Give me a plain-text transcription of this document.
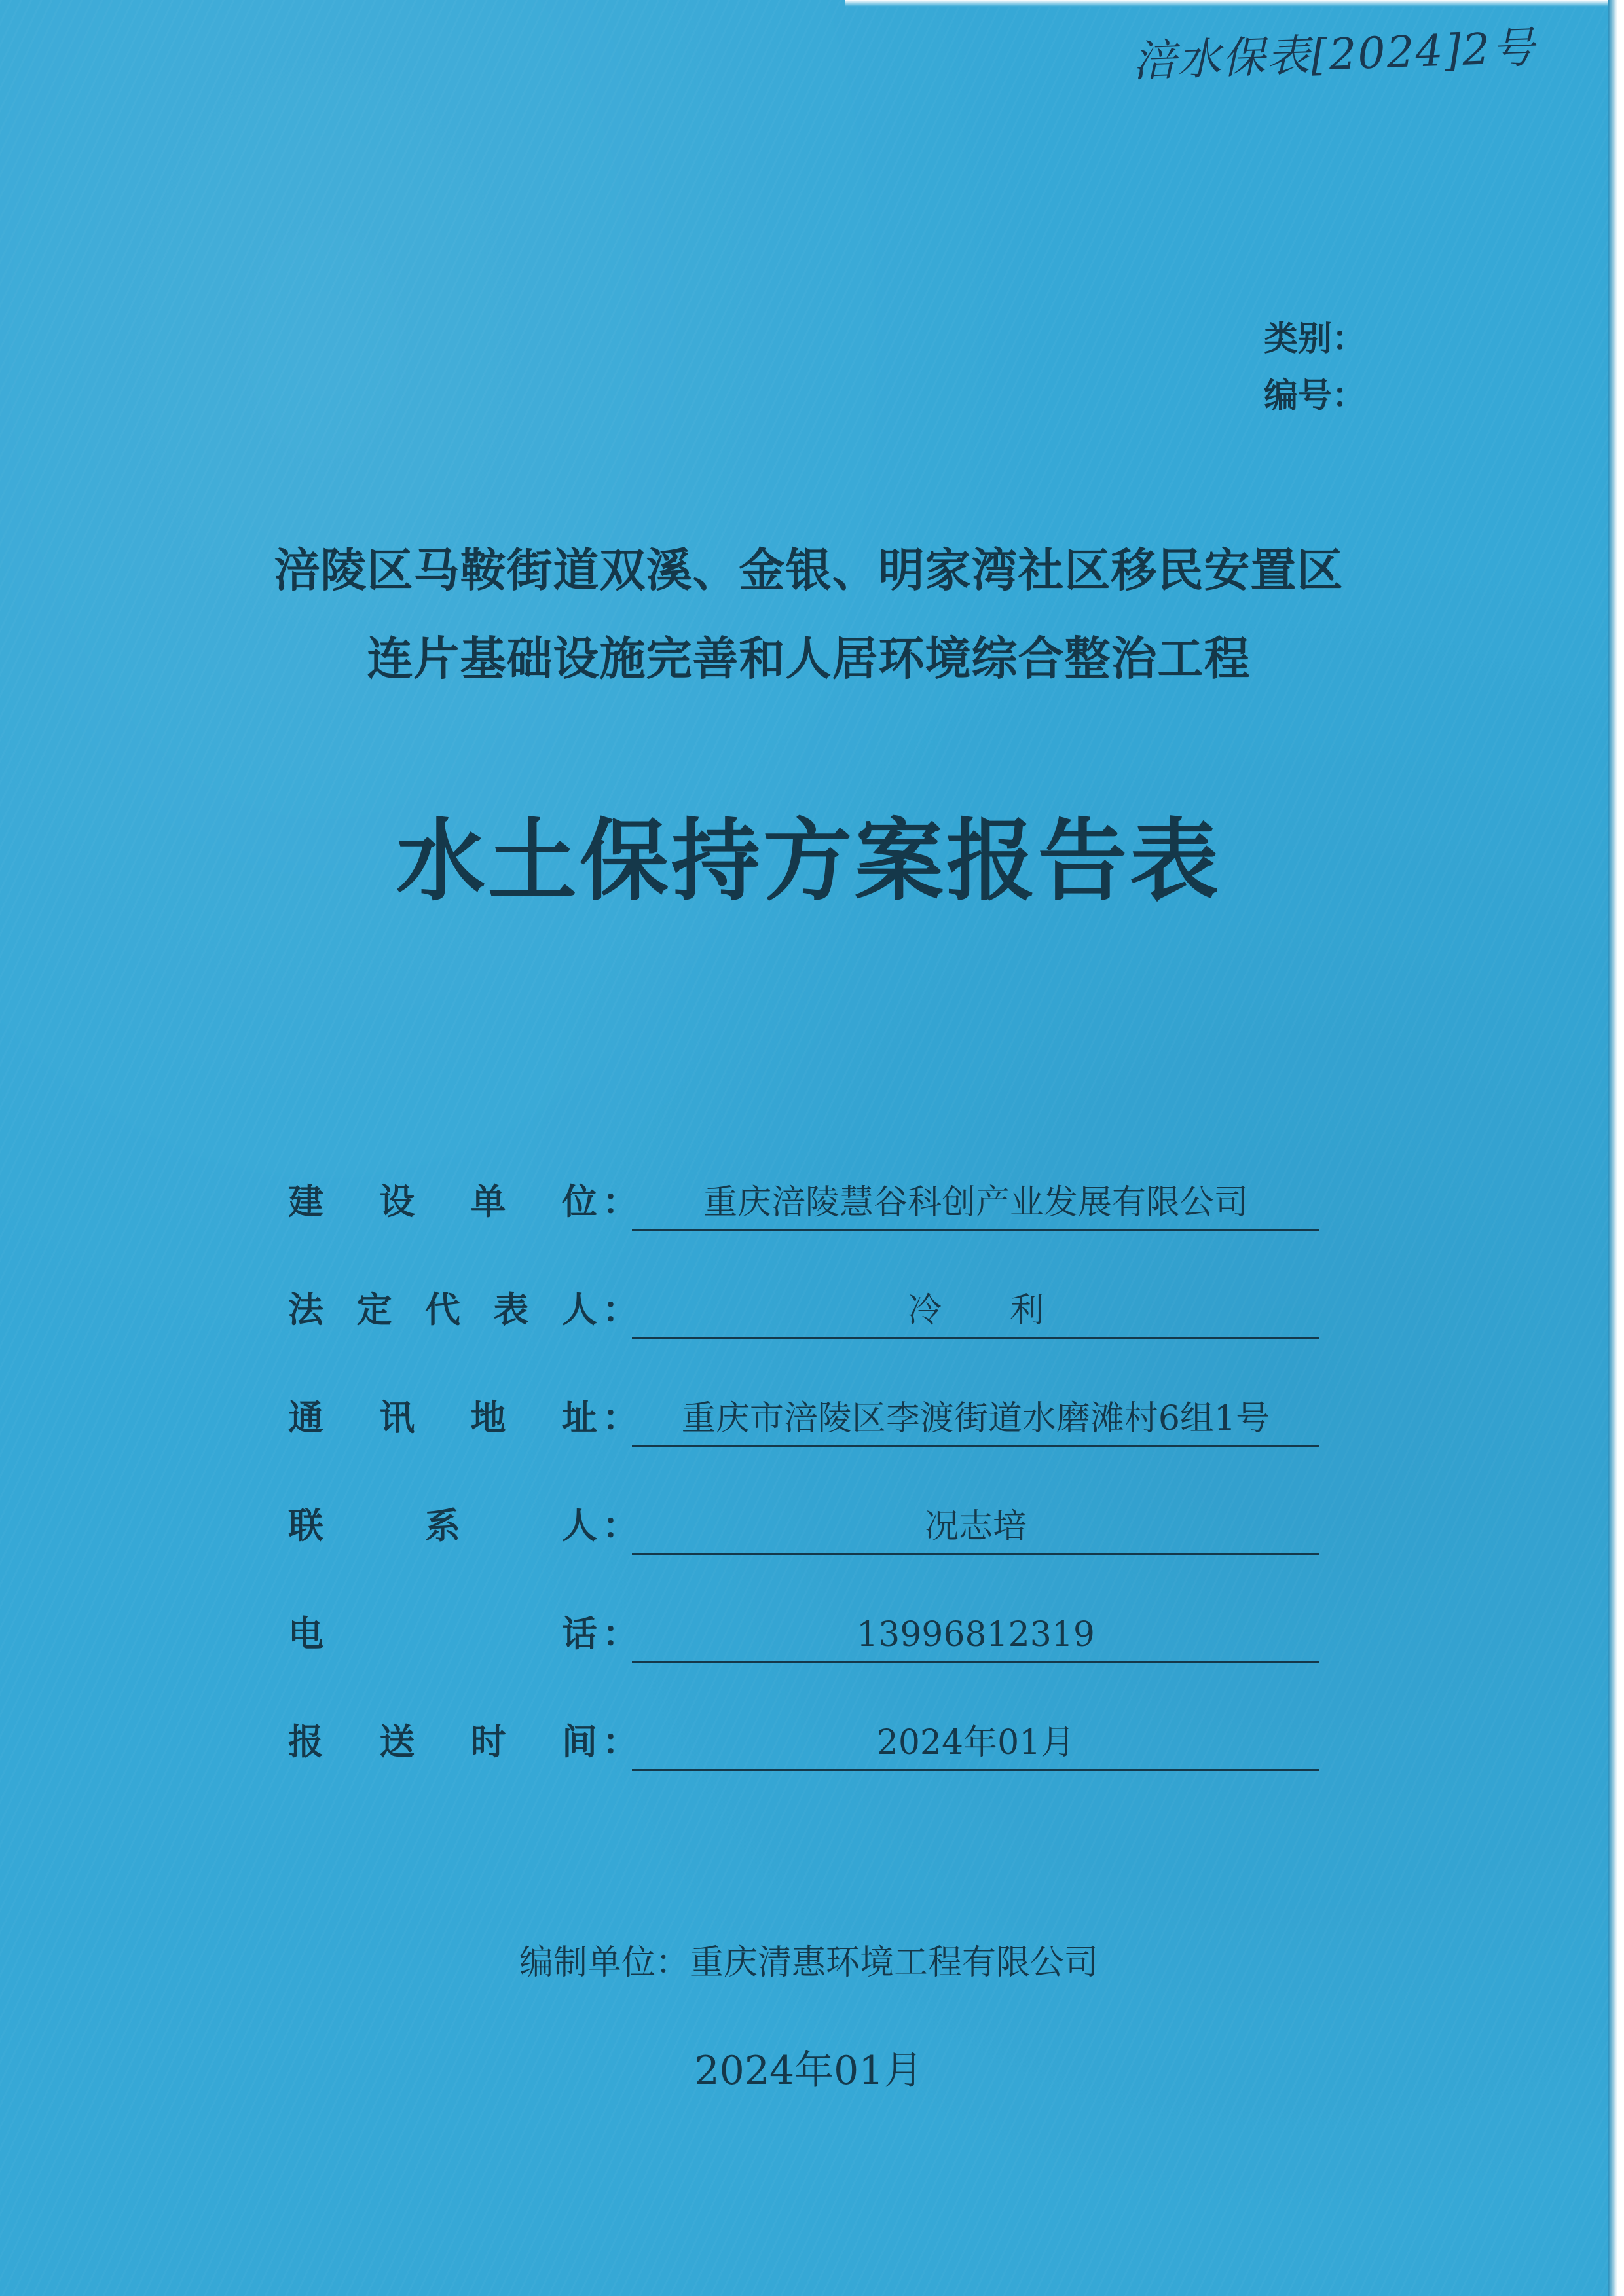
涪水保表[2024]2号
类别：
编号：
涪陵区马鞍街道双溪、金银、明家湾社区移民安置区
连片基础设施完善和人居环境综合整治工程
水土保持方案报告表
建 设 单 位 ：	重庆涪陵慧谷科创产业发展有限公司
法 定 代 表 人 ：	冷　　利
通 讯 地 址 ：	重庆市涪陵区李渡街道水磨滩村6组1号
联	系	人 ：	况志培
电	话 ：	13996812319
报 送 时 间 ：	2024年01月
编制单位：重庆清惠环境工程有限公司
2024年01月
